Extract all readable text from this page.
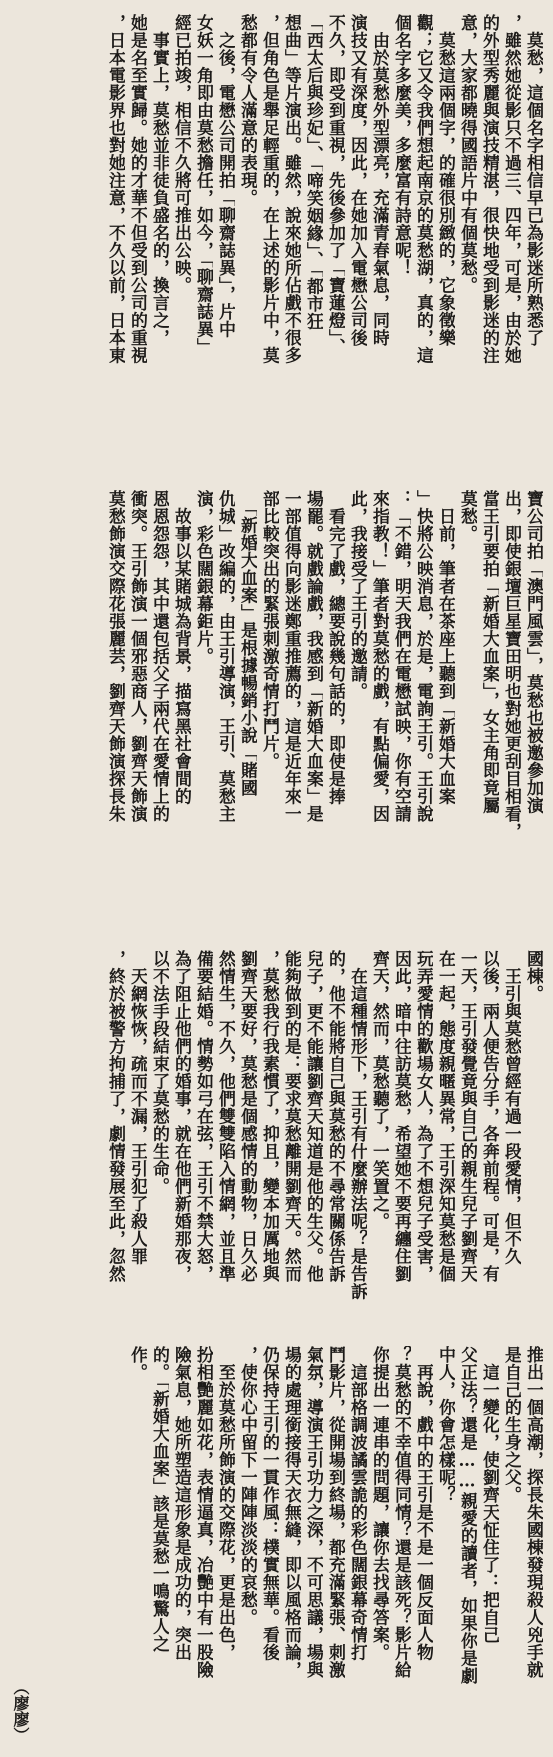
　莫愁，這個名字相信早已為影迷所熟悉了
，雖然她從影只不過三、四年，可是，由於她
的外型秀麗與演技精湛，很快地受到影迷的注
意，大家都曉得國語片中有個莫愁。
　莫愁這兩個字，的確很別緻的，它象徵樂
觀；它又令我們想起南京的莫愁湖，真的，這
個名字多麼美，多麼富有詩意呢！
　由於莫愁外型漂亮，充滿青春氣息，同時
演技又有深度，因此，在她加入電懋公司後
不久，即受到重視，先後參加了「寶蓮燈」、
「西太后與珍妃」、「啼笑姻緣」、「都市狂
想曲」等片演出。雖然，說來她所佔戲不很多
，但角色是舉足輕重的，在上述的影片中，莫
愁都有令人滿意的表現。
　之後，電懋公司開拍「聊齋誌異」，片中
女妖一角即由莫愁擔任，如今，「聊齋誌異」
經已拍竣，相信不久將可推出公映。
　事實上，莫愁並非徒負盛名的，換言之，
她是名至實歸。她的才華不但受到公司的重視
，日本電影界也對她注意，不久以前，日本東
寶公司拍「澳門風雲」，莫愁也被邀參加演
出，即使銀壇巨星寶田明也對她更刮目相看，
當王引要拍「新婚大血案」，女主角即竟屬
莫愁。
　日前，筆者在茶座上聽到「新婚大血案
」快將公映消息，於是，電詢王引。王引說
：「不錯，明天我們在電懋試映，你有空請
來指教！」筆者對莫愁的戲，有點偏愛，因
此，我接受了王引的邀請。
　看完了戲，總要說幾句話的，即使是捧
場罷。就戲論戲，我感到「新婚大血案」是
一部值得向影迷鄭重推薦的，這是近年來一
部比較突出的緊張刺激奇情打鬥片。
　「新婚大血案」是根據暢銷小說「賭國
仇城」改編的，由王引導演，王引、莫愁主
演，彩色闊銀幕鉅片。
　故事以某賭城為背景，描寫黑社會間的
恩恩怨怨，其中還包括父子兩代在愛情上的
衝突。王引飾演一個邪惡商人，劉齊天飾演
莫愁飾演交際花張麗芸，劉齊天飾演探長朱
國棟。
　王引與莫愁曾經有過一段愛情，但不久
以後，兩人便告分手，各奔前程。可是，有
一天，王引發覺竟與自己的親生兒子劉齊天
在一起，態度親暱異常，王引深知莫愁是個
玩弄愛情的歡場女人，為了不想兒子受害，
因此，暗中往訪莫愁，希望她不要再纏住劉
齊天，然而，莫愁聽了，一笑置之。
　在這種情形下，王引有什麼辦法呢？是告訴
的，他不能將自己與莫愁的不尋常關係告訴
兒子，更不能讓劉齊天知道是他的生父。他
能夠做到的是：要求莫愁離開劉齊天。然而
，莫愁我行我素慣了，抑且，變本加厲地與
劉齊天要好，莫愁是個感情的動物，日久必
然情生，不久，他們雙雙陷入情網，並且準
備要結婚。情勢如弓在弦，王引不禁大怒，
為了阻止他們的婚事，就在他們新婚那夜，
以不法手段結束了莫愁的生命。
　天網恢恢，疏而不漏，王引犯了殺人罪
，終於被警方拘捕了，劇情發展至此，忽然
推出一個高潮，探長朱國棟發現殺人兇手就
是自己的生身之父。
　這一變化，使劉齊天怔住了：把自己
父正法？還是……親愛的讀者，如果你是劇
中人，你會怎樣呢？
　再說，戲中的王引是不是一個反面人物
？莫愁的不幸值得同情？還是該死？影片給
你提出一連串的問題，讓你去找尋答案。
　這部格調波譎雲詭的彩色闊銀幕奇情打
鬥影片，從開場到終場，都充滿緊張、刺激
氣氛，導演王引功力之深，不可思議，場與
場的處理銜接得天衣無縫，即以風格而論，
仍保持王引的一貫作風：樸實無華。看後
，使你心中留下一陣陣淡淡的哀愁。
　至於莫愁所飾演的交際花，更是出色，
扮相艷麗如花，表情逼真，冶艷中有一股險
險氣息，她所塑造這形象是成功的，突出
的。「新婚大血案」該是莫愁一鳴驚人之
作。
（廖廖）
